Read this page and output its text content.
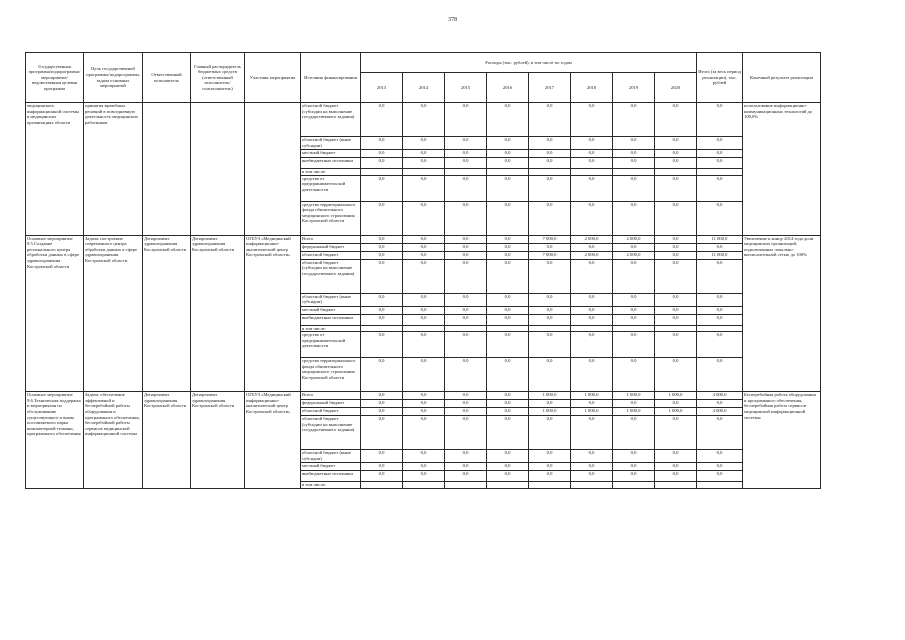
378
Государственная программа/подпрограмма/ мероприятие/ ведомственная целевая программа	Цель государственной программы/подпрограммы, задача основных мероприятий	Ответственный исполнитель	Главный распорядитель бюджетных средств (ответственный исполнитель/ соисполнитель)	Участник мероприятия	Источник финансирования	Расходы (тыс. рублей), в том числе по годам								Итого (за весь период реализации), тыс. рублей	Конечный результат реализации
						2013	2014	2015	2016	2017	2018	2019	2020		
медицинского информационной системы в медицинских организациях области	принятия врачебных решений в повседневную деятельность медицинских работников				областной бюджет (субсидии на выполнение государственного задания)	0,0	0,0	0,0	0,0	0,0	0,0	0,0	0,0	0,0	использование информационно-коммуникационных технологий до 100,0%
					областной бюджет (иные субсидии)	0,0	0,0	0,0	0,0	0,0	0,0	0,0	0,0	0,0	
					местный бюджет	0,0	0,0	0,0	0,0	0,0	0,0	0,0	0,0	0,0	
					внебюджетные источники	0,0	0,0	0,0	0,0	0,0	0,0	0,0	0,0	0,0	
					в том числе:										
					средства от предпринимательской деятельности	0,0	0,0	0,0	0,0	0,0	0,0	0,0	0,0	0,0	
					средства территориального фонда обязательного медицинского страхования Костромской области	0,0	0,0	0,0	0,0	0,0	0,0	0,0	0,0	0,0	
Основное мероприятие 9.5.Создание регионального центра обработки данных в сфере здравоохранения Костромской области	Задача: построение современного центра обработки данных в сфере здравоохранения Костромской области.	Департамент здравоохранения Костромской области	Департамент здравоохранения Костромской области	ОГБУЗ «Медицинский информационно-аналитический центр Костромской области»	Всего	0,0	0,0	0,0	0,0	7 000,0	2 000,0	2 000,0	0,0	11 000,0	Увеличение к концу 2014 года доли медицинских организаций, подключенных локально-вычислительной сетью до 100%
					федеральный бюджет	0,0	0,0	0,0	0,0	0,0	0,0	0,0	0,0	0,0	
					областной бюджет	0,0	0,0	0,0	0,0	7 000,0	2 000,0	2 000,0	0,0	11 000,0	
					областной бюджет (субсидии на выполнение государственного задания)	0,0	0,0	0,0	0,0	0,0	0,0	0,0	0,0	0,0	
					областной бюджет (иные субсидии)	0,0	0,0	0,0	0,0	0,0	0,0	0,0	0,0	0,0	
					местный бюджет	0,0	0,0	0,0	0,0	0,0	0,0	0,0	0,0	0,0	
					внебюджетные источники	0,0	0,0	0,0	0,0	0,0	0,0	0,0	0,0	0,0	
					в том числе:										
					средства от предпринимательской деятельности	0,0	0,0	0,0	0,0	0,0	0,0	0,0	0,0	0,0	
					средства территориального фонда обязательного медицинского страхования Костромской области	0,0	0,0	0,0	0,0	0,0	0,0	0,0	0,0	0,0	
Основное мероприятие 9.6.Техническая поддержка и мероприятия по обслуживанию существующего и вновь поставляемого парка компьютерной техники, программного обеспечения	Задача: обеспечение эффективной и бесперебойной работы оборудования и программного обеспечения, бесперебойной работы сервисов медицинской информационной системы	Департамент здравоохранения Костромской области	Департамент здравоохранения Костромской области	ОГБУЗ «Медицинский информационно-аналитический центр Костромской области»	Всего	0,0	0,0	0,0	0,0	1 000,0	1 000,0	1 000,0	1 000,0	4 000,0	Бесперебойная работа оборудования и программного обеспечения, бесперебойная работа сервисов медицинской информационной системы
					федеральный бюджет	0,0	0,0	0,0	0,0	0,0	0,0	0,0	0,0	0,0	
					областной бюджет	0,0	0,0	0,0	0,0	1 000,0	1 000,0	1 000,0	1 000,0	4 000,0	
					областной бюджет (субсидии на выполнение государственного задания)	0,0	0,0	0,0	0,0	0,0	0,0	0,0	0,0	0,0	
					областной бюджет (иные субсидии)	0,0	0,0	0,0	0,0	0,0	0,0	0,0	0,0	0,0	
					местный бюджет	0,0	0,0	0,0	0,0	0,0	0,0	0,0	0,0	0,0	
					внебюджетные источники	0,0	0,0	0,0	0,0	0,0	0,0	0,0	0,0	0,0	
					в том числе:										
